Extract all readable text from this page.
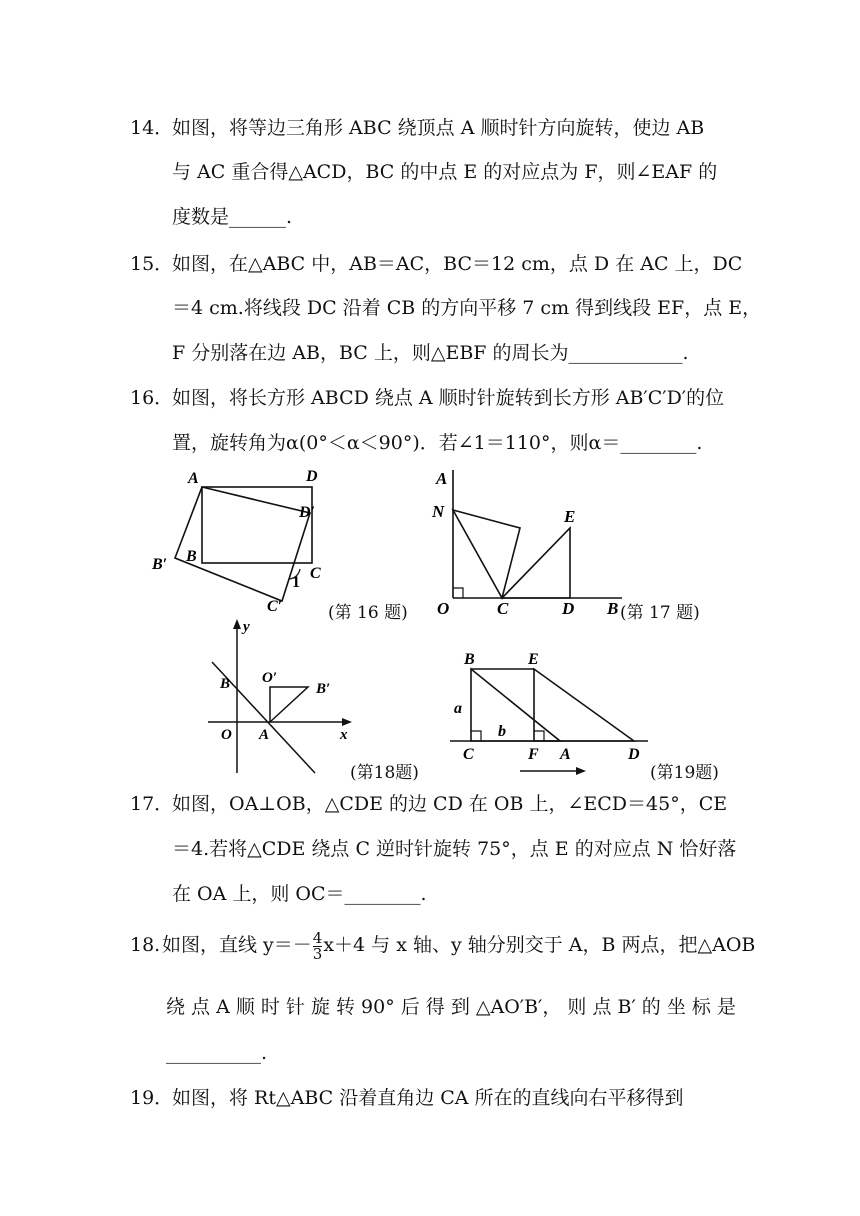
14．
如图，将等边三角形 ABC 绕顶点 A 顺时针方向旋转，使边 AB
与 AC 重合得△ACD，BC 的中点 E 的对应点为 F，则∠EAF 的
度数是______.
15．
如图，在△ABC 中，AB＝AC，BC＝12 cm，点 D 在 AC 上，DC
＝4 cm.将线段 DC 沿着 CB 的方向平移 7 cm 得到线段 EF，点 E，
F 分别落在边 AB，BC 上，则△EBF 的周长为____________.
16．
如图，将长方形 ABCD 绕点 A 顺时针旋转到长方形 AB′C′D′的位
置，旋转角为α(0°＜α＜90°)．若∠1＝110°，则α＝________.
A	D
D′
B
B′
C
C′
1
(第 16 题)
A
N	E
O	C	D B (第 17 题)
y
x
B O′
B′
O A
(第18题)
B	E
a
b
C	F A	D
(第19题)
17．
如图，OA⊥OB，△CDE 的边 CD 在 OB 上，∠ECD＝45°，CE
＝4.若将△CDE 绕点 C 逆时针旋转 75°，点 E 的对应点 N 恰好落
在 OA 上，则 OC＝________.
18. 如图，直线 $y=- \frac{4}{3} x+4$ 与 x 轴、y 轴分别交于 A，B 两点，把△AOB
绕 点 A 顺 时 针 旋 转 90° 后 得 到 △AO′B′， 则 点 B′ 的 坐 标 是
__________.
19．
如图，将 Rt△ABC 沿着直角边 CA 所在的直线向右平移得到
